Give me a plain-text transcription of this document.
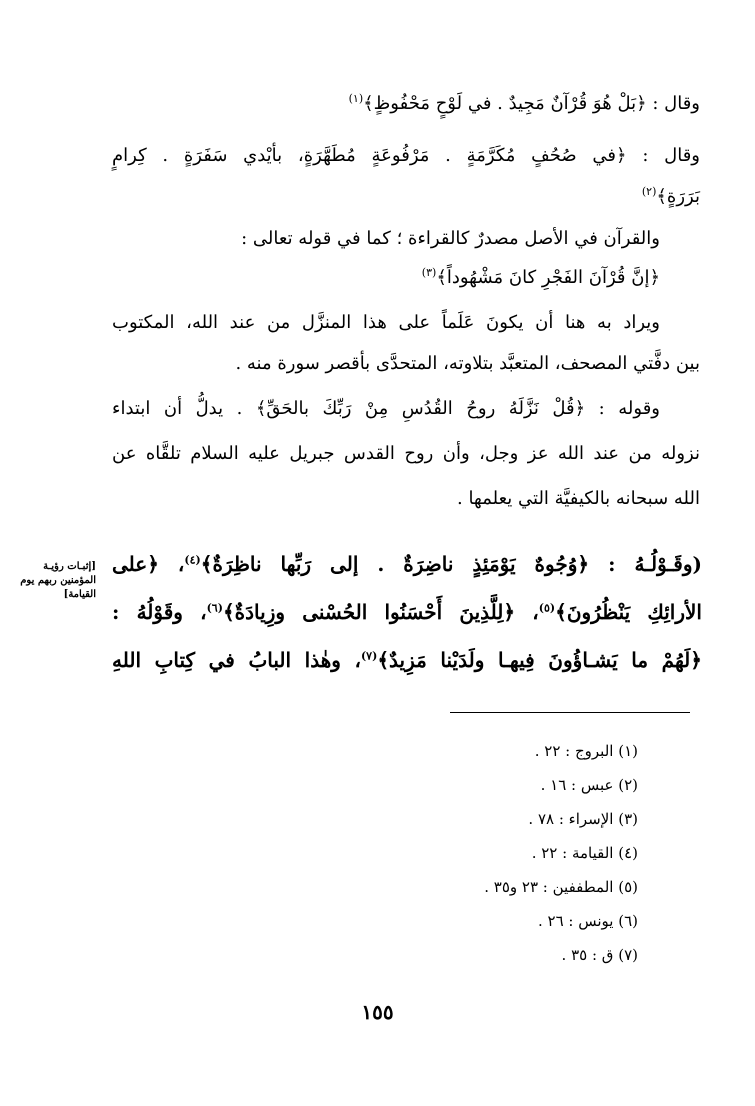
وقال : ﴿بَلْ هُوَ قُرْآنٌ مَجِيدٌ . في لَوْحٍ مَحْفُوظٍ﴾$^{(١)}$
وقال : ﴿في صُحُفٍ مُكَرَّمَةٍ . مَرْفُوعَةٍ مُطَهَّرَةٍ، بأيْدي سَفَرَةٍ . كِرامٍ
بَرَرَةٍ﴾$^{(٢)}$
والقرآن في الأصل مصدرٌ كالقراءة ؛ كما في قوله تعالى :
﴿إنَّ قُرْآنَ الفَجْرِ كانَ مَشْهُوداً﴾$^{(٣)}$
ويراد به هنا أن يكونَ عَلَماً على هذا المنزَّل من عند الله، المكتوب
بين دفَّتي المصحف، المتعبَّد بتلاوته، المتحدَّى بأقصر سورة منه .
وقوله : ﴿قُلْ نَزَّلَهُ روحُ القُدُسِ مِنْ رَبِّكَ بالحَقِّ﴾ . يدلُّ أن ابتداء
نزوله من عند الله عز وجل، وأن روح القدس جبريل عليه السلام تلقَّاه عن
الله سبحانه بالكيفيَّة التي يعلمها .
[إثبـات رؤيـة المؤمنين ربهم يوم القيامة]
(وقَـوْلُـهُ : ﴿وُجُوهٌ يَوْمَئِذٍ ناضِرَةٌ . إلى رَبِّها ناظِرَةٌ﴾$^{(٤)}$، ﴿على
الأرائِكِ يَنْظُرُونَ﴾$^{(٥)}$، ﴿لِلَّذِينَ أَحْسَنُوا الحُسْنى وزِيادَةٌ﴾$^{(٦)}$، وقَوْلُهُ :
﴿لَهُمْ ما يَشـاؤُونَ فِيهـا ولَدَيْنا مَزِيدٌ﴾$^{(٧)}$، وهٰذا البابُ في كِتابِ اللهِ
(١) البروج : ٢٢ .
(٢) عبس : ١٦ .
(٣) الإسراء : ٧٨ .
(٤) القيامة : ٢٢ .
(٥) المطففين : ٢٣ و٣٥ .
(٦) يونس : ٢٦ .
(٧) ق : ٣٥ .
١٥٥
